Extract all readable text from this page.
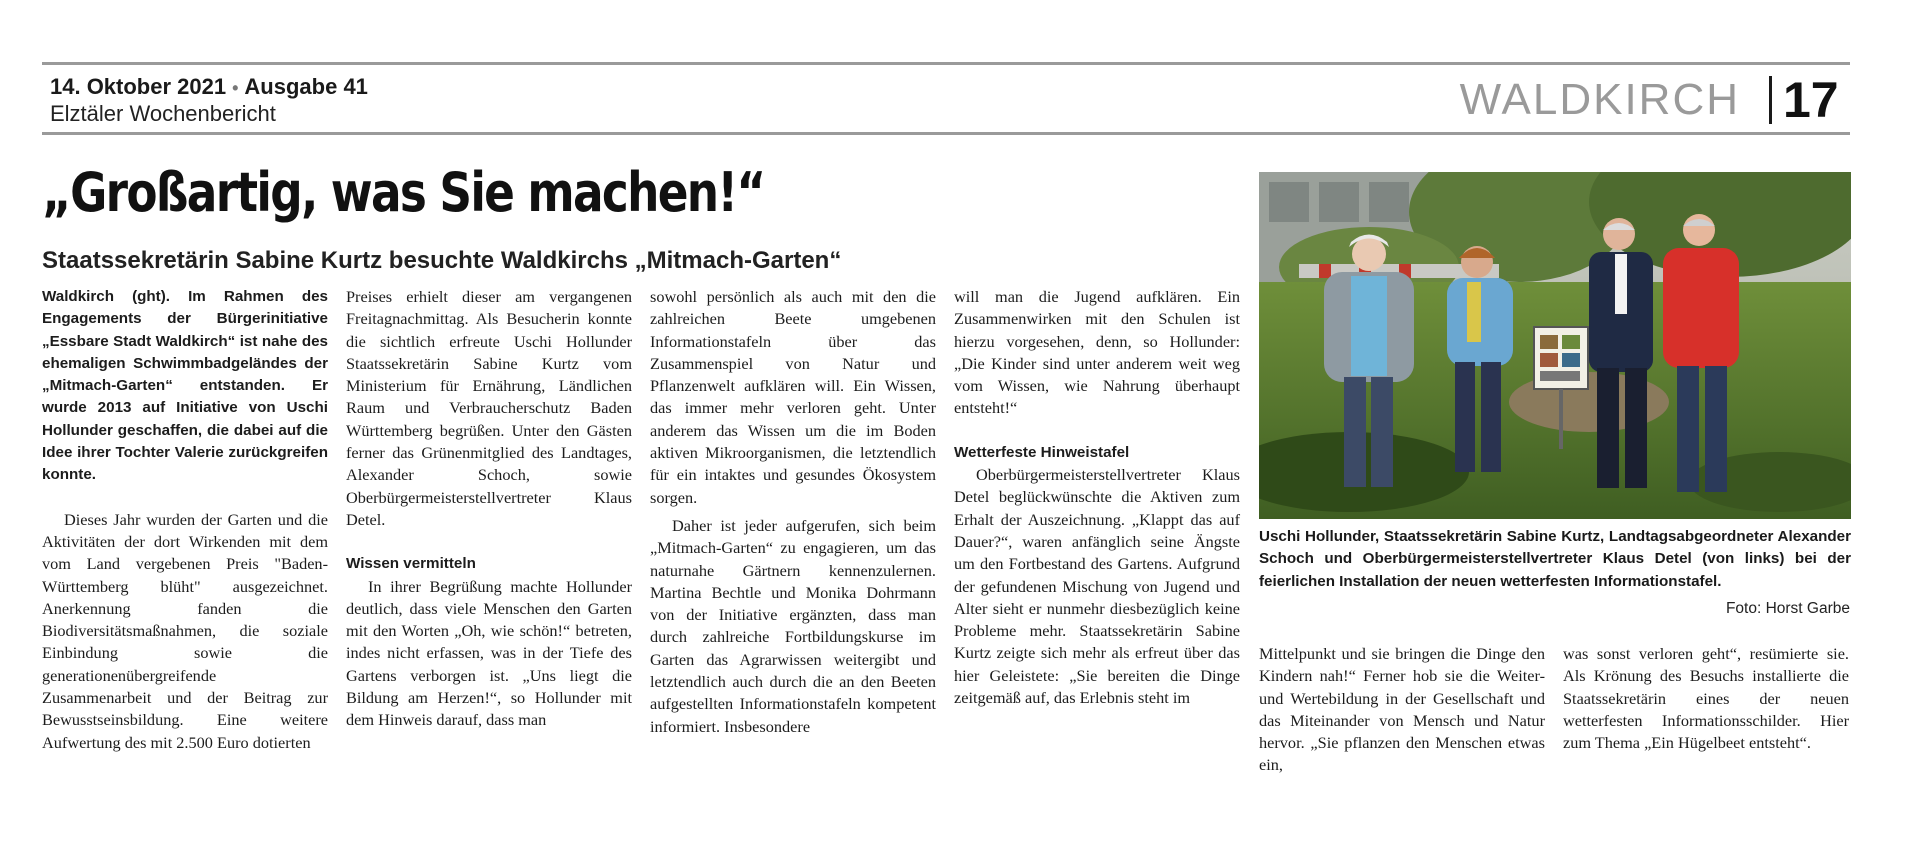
14. Oktober 2021 • Ausgabe 41
Elztäler Wochenbericht	WALDKIRCH 17
„Großartig, was Sie machen!“
Staatssekretärin Sabine Kurtz besuchte Waldkirchs „Mitmach-Garten“

Waldkirch (ght). Im Rahmen des Engagements der Bürgerinitiative „Essbare Stadt Waldkirch“ ist nahe des ehemaligen Schwimmbadgeländes der „Mitmach-Garten“ entstanden. Er wurde 2013 auf Initiative von Uschi Hollunder geschaffen, die dabei auf die Idee ihrer Tochter Valerie zurückgreifen konnte.

Dieses Jahr wurden der Garten und die Aktivitäten der dort Wirkenden mit dem vom Land vergebenen Preis "Baden-Württemberg blüht" ausgezeichnet. Anerkennung fanden die Biodiversitätsmaßnahmen, die soziale Einbindung sowie die generationenübergreifende Zusammenarbeit und der Beitrag zur Bewusstseinsbildung. Eine weitere Aufwertung des mit 2.500 Euro dotierten

Preises erhielt dieser am vergangenen Freitagnachmittag. Als Besucherin konnte die sichtlich erfreute Uschi Hollunder Staatssekretärin Sabine Kurtz vom Ministerium für Ernährung, Ländlichen Raum und Verbraucherschutz Baden Württemberg begrüßen. Unter den Gästen ferner das Grünenmitglied des Landtages, Alexander Schoch, sowie Oberbürgermeisterstellvertreter Klaus Detel.

Wissen vermitteln

In ihrer Begrüßung machte Hollunder deutlich, dass viele Menschen den Garten mit den Worten „Oh, wie schön!“ betreten, indes nicht erfassen, was in der Tiefe des Gartens verborgen ist. „Uns liegt die Bildung am Herzen!“, so Hollunder mit dem Hinweis darauf, dass man

sowohl persönlich als auch mit den die zahlreichen Beete umgebenen Informationstafeln über das Zusammenspiel von Natur und Pflanzenwelt aufklären will. Ein Wissen, das immer mehr verloren geht. Unter anderem das Wissen um die im Boden aktiven Mikroorganismen, die letztendlich für ein intaktes und gesundes Ökosystem sorgen.

Daher ist jeder aufgerufen, sich beim „Mitmach-Garten“ zu engagieren, um das naturnahe Gärtnern kennenzulernen. Martina Bechtle und Monika Dohrmann von der Initiative ergänzten, dass man durch zahlreiche Fortbildungskurse im Garten das Agrarwissen weitergibt und letztendlich auch durch die an den Beeten aufgestellten Informationstafeln kompetent informiert. Insbesondere

will man die Jugend aufklären. Ein Zusammenwirken mit den Schulen ist hierzu vorgesehen, denn, so Hollunder: „Die Kinder sind unter anderem weit weg vom Wissen, wie Nahrung überhaupt entsteht!“

Wetterfeste Hinweistafel

Oberbürgermeisterstellvertreter Klaus Detel beglückwünschte die Aktiven zum Erhalt der Auszeichnung. „Klappt das auf Dauer?“, waren anfänglich seine Ängste um den Fortbestand des Gartens. Aufgrund der gefundenen Mischung von Jugend und Alter sieht er nunmehr diesbezüglich keine Probleme mehr. Staatssekretärin Sabine Kurtz zeigte sich mehr als erfreut über das hier Geleistete: „Sie bereiten die Dinge zeitgemäß auf, das Erlebnis steht im

Uschi Hollunder, Staatssekretärin Sabine Kurtz, Landtagsabgeordneter Alexander Schoch und Oberbürgermeisterstellvertreter Klaus Detel (von links) bei der feierlichen Installation der neuen wetterfesten Informationstafel.

Foto: Horst Garbe

Mittelpunkt und sie bringen die Dinge den Kindern nah!“ Ferner hob sie die Weiter- und Wertebildung in der Gesellschaft und das Miteinander von Mensch und Natur hervor. „Sie pflanzen den Menschen etwas ein,

was sonst verloren geht“, resümierte sie. Als Krönung des Besuchs installierte die Staatssekretärin eines der neuen wetterfesten Informationsschilder. Hier zum Thema „Ein Hügelbeet entsteht“.
